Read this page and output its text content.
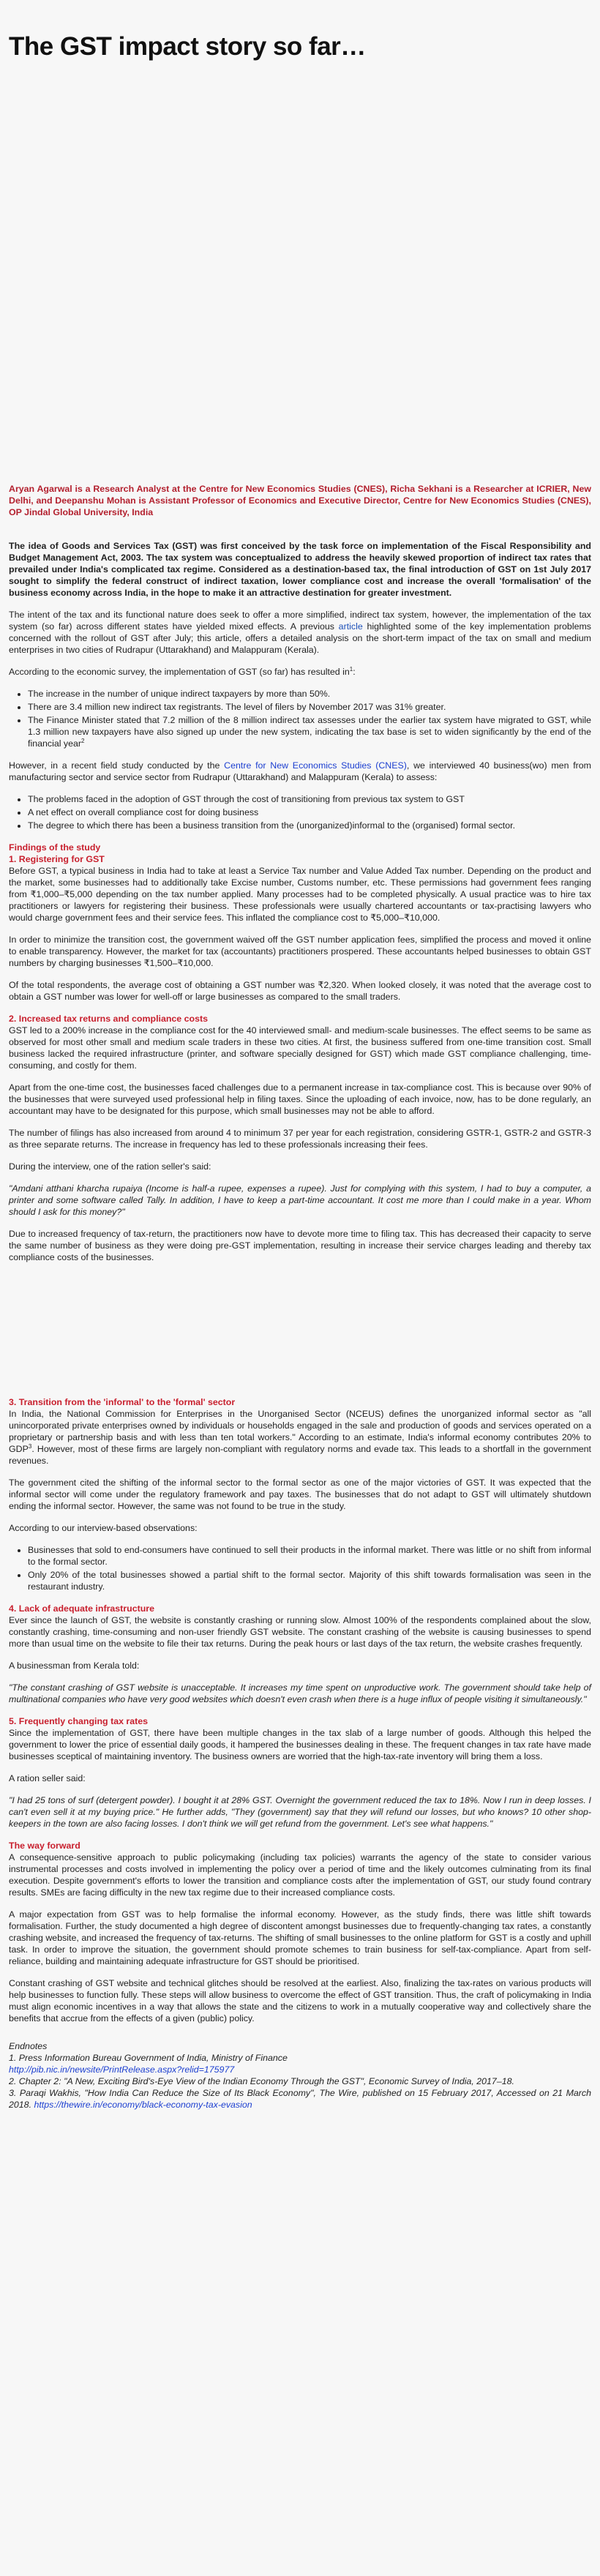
The GST impact story so far…

Aryan Agarwal is a Research Analyst at the Centre for New Economics Studies (CNES), Richa Sekhani is a Researcher at ICRIER, New Delhi, and Deepanshu Mohan is Assistant Professor of Economics and Executive Director, Centre for New Economics Studies (CNES), OP Jindal Global University, India

The idea of Goods and Services Tax (GST) was first conceived by the task force on implementation of the Fiscal Responsibility and Budget Management Act, 2003. The tax system was conceptualized to address the heavily skewed proportion of indirect tax rates that prevailed under India's complicated tax regime. Considered as a destination-based tax, the final introduction of GST on 1st July 2017 sought to simplify the federal construct of indirect taxation, lower compliance cost and increase the overall 'formalisation' of the business economy across India, in the hope to make it an attractive destination for greater investment.

The intent of the tax and its functional nature does seek to offer a more simplified, indirect tax system, however, the implementation of the tax system (so far) across different states have yielded mixed effects. A previous article highlighted some of the key implementation problems concerned with the rollout of GST after July; this article, offers a detailed analysis on the short-term impact of the tax on small and medium enterprises in two cities of Rudrapur (Uttarakhand) and Malappuram (Kerala).

According to the economic survey, the implementation of GST (so far) has resulted $in^1$:

• The increase in the number of unique indirect taxpayers by more than 50%.
• There are 3.4 million new indirect tax registrants. The level of filers by November 2017 was 31% greater.
• The Finance Minister stated that 7.2 million of the 8 million indirect tax assesses under the earlier tax system have migrated to GST, while 1.3 million new taxpayers have also signed up under the new system, indicating the tax base is set to widen significantly by the end of the financial year$^2$

However, in a recent field study conducted by the Centre for New Economics Studies (CNES), we interviewed 40 business(wo) men from manufacturing sector and service sector from Rudrapur (Uttarakhand) and Malappuram (Kerala) to assess:

• The problems faced in the adoption of GST through the cost of transitioning from previous tax system to GST
• A net effect on overall compliance cost for doing business
• The degree to which there has been a business transition from the (unorganized)informal to the (organised) formal sector.
Findings of the study
1. Registering for GST

Before GST, a typical business in India had to take at least a Service Tax number and Value Added Tax number. Depending on the product and the market, some businesses had to additionally take Excise number, Customs number, etc. These permissions had government fees ranging from ₹1,000–₹5,000 depending on the tax number applied. Many processes had to be completed physically. A usual practice was to hire tax practitioners or lawyers for registering their business. These professionals were usually chartered accountants or tax-practising lawyers who would charge government fees and their service fees. This inflated the compliance cost to ₹5,000–₹10,000.

In order to minimize the transition cost, the government waived off the GST number application fees, simplified the process and moved it online to enable transparency. However, the market for tax (accountants) practitioners prospered. These accountants helped businesses to obtain GST numbers by charging businesses ₹1,500–₹10,000.

Of the total respondents, the average cost of obtaining a GST number was ₹2,320. When looked closely, it was noted that the average cost to obtain a GST number was lower for well-off or large businesses as compared to the small traders.

2. Increased tax returns and compliance costs

GST led to a 200% increase in the compliance cost for the 40 interviewed small- and medium-scale businesses. The effect seems to be same as observed for most other small and medium scale traders in these two cities. At first, the business suffered from one-time transition cost. Small business lacked the required infrastructure (printer, and software specially designed for GST) which made GST compliance challenging, time-consuming, and costly for them.

Apart from the one-time cost, the businesses faced challenges due to a permanent increase in tax-compliance cost. This is because over 90% of the businesses that were surveyed used professional help in filing taxes. Since the uploading of each invoice, now, has to be done regularly, an accountant may have to be designated for this purpose, which small businesses may not be able to afford.

The number of filings has also increased from around 4 to minimum 37 per year for each registration, considering GSTR-1, GSTR-2 and GSTR-3 as three separate returns. The increase in frequency has led to these professionals increasing their fees.

During the interview, one of the ration seller's said:

"Amdani atthani kharcha rupaiya (Income is half-a rupee, expenses a rupee). Just for complying with this system, I had to buy a computer, a printer and some software called Tally. In addition, I have to keep a part-time accountant. It cost me more than I could make in a year. Whom should I ask for this money?"

Due to increased frequency of tax-return, the practitioners now have to devote more time to filing tax. This has decreased their capacity to serve the same number of business as they were doing pre-GST implementation, resulting in increase their service charges leading and thereby tax compliance costs of the businesses.

3. Transition from the 'informal' to the 'formal' sector

In India, the National Commission for Enterprises in the Unorganised Sector (NCEUS) defines the unorganized informal sector as "all unincorporated private enterprises owned by individuals or households engaged in the sale and production of goods and services operated on a proprietary or partnership basis and with less than ten total workers." According to an estimate, India's informal economy contributes 20% to GDP$^3$. However, most of these firms are largely non-compliant with regulatory norms and evade tax. This leads to a shortfall in the government revenues.

The government cited the shifting of the informal sector to the formal sector as one of the major victories of GST. It was expected that the informal sector will come under the regulatory framework and pay taxes. The businesses that do not adapt to GST will ultimately shutdown ending the informal sector. However, the same was not found to be true in the study.

According to our interview-based observations:

• Businesses that sold to end-consumers have continued to sell their products in the informal market. There was little or no shift from informal to the formal sector.
• Only 20% of the total businesses showed a partial shift to the formal sector. Majority of this shift towards formalisation was seen in the restaurant industry.
4. Lack of adequate infrastructure

Ever since the launch of GST, the website is constantly crashing or running slow. Almost 100% of the respondents complained about the slow, constantly crashing, time-consuming and non-user friendly GST website. The constant crashing of the website is causing businesses to spend more than usual time on the website to file their tax returns. During the peak hours or last days of the tax return, the website crashes frequently.

A businessman from Kerala told:

"The constant crashing of GST website is unacceptable. It increases my time spent on unproductive work. The government should take help of multinational companies who have very good websites which doesn't even crash when there is a huge influx of people visiting it simultaneously."

5. Frequently changing tax rates

Since the implementation of GST, there have been multiple changes in the tax slab of a large number of goods. Although this helped the government to lower the price of essential daily goods, it hampered the businesses dealing in these. The frequent changes in tax rate have made businesses sceptical of maintaining inventory. The business owners are worried that the high-tax-rate inventory will bring them a loss.

A ration seller said:

"I had 25 tons of surf (detergent powder). I bought it at 28% GST. Overnight the government reduced the tax to 18%. Now I run in deep losses. I can't even sell it at my buying price." He further adds, "They (government) say that they will refund our losses, but who knows? 10 other shop-keepers in the town are also facing losses. I don't think we will get refund from the government. Let's see what happens."

The way forward

A consequence-sensitive approach to public policymaking (including tax policies) warrants the agency of the state to consider various instrumental processes and costs involved in implementing the policy over a period of time and the likely outcomes culminating from its final execution. Despite government's efforts to lower the transition and compliance costs after the implementation of GST, our study found contrary results. SMEs are facing difficulty in the new tax regime due to their increased compliance costs.

A major expectation from GST was to help formalise the informal economy. However, as the study finds, there was little shift towards formalisation. Further, the study documented a high degree of discontent amongst businesses due to frequently-changing tax rates, a constantly crashing website, and increased the frequency of tax-returns. The shifting of small businesses to the online platform for GST is a costly and uphill task. In order to improve the situation, the government should promote schemes to train business for self-tax-compliance. Apart from self-reliance, building and maintaining adequate infrastructure for GST should be prioritised.

Constant crashing of GST website and technical glitches should be resolved at the earliest. Also, finalizing the tax-rates on various products will help businesses to function fully. These steps will allow business to overcome the effect of GST transition. Thus, the craft of policymaking in India must align economic incentives in a way that allows the state and the citizens to work in a mutually cooperative way and collectively share the benefits that accrue from the effects of a given (public) policy.

Endnotes

1. Press Information Bureau Government of India, Ministry of Finance

http://pib.nic.in/newsite/PrintRelease.aspx?relid=175977

2. Chapter 2: "A New, Exciting Bird's-Eye View of the Indian Economy Through the GST", Economic Survey of India, 2017–18.

3. Paraqi Wakhis, "How India Can Reduce the Size of Its Black Economy", The Wire, published on 15 February 2017, Accessed on 21 March 2018. https://thewire.in/economy/black-economy-tax-evasion
